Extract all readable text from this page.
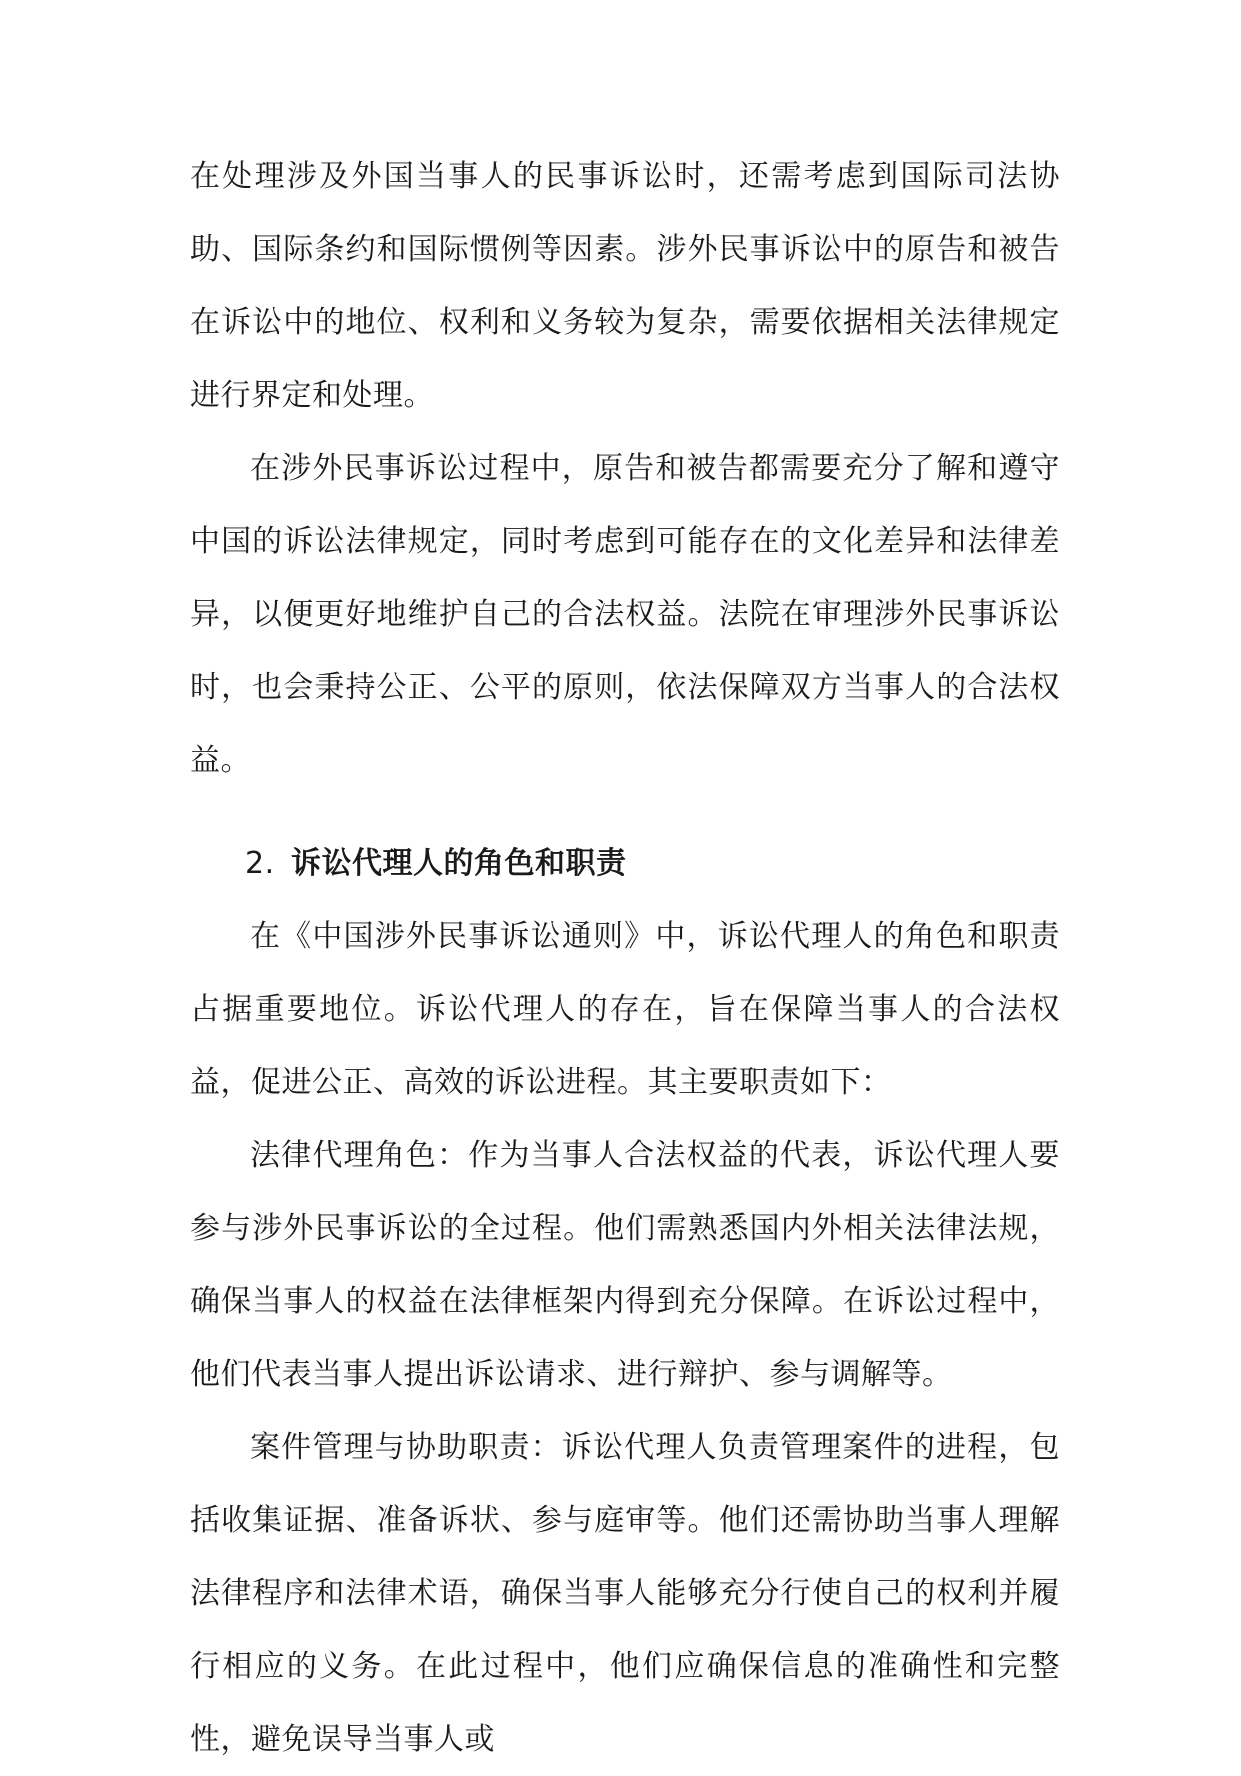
在处理涉及外国当事人的民事诉讼时，还需考虑到国际司法协助、国际条约和国际惯例等因素。涉外民事诉讼中的原告和被告在诉讼中的地位、权利和义务较为复杂，需要依据相关法律规定进行界定和处理。

在涉外民事诉讼过程中，原告和被告都需要充分了解和遵守中国的诉讼法律规定，同时考虑到可能存在的文化差异和法律差异，以便更好地维护自己的合法权益。法院在审理涉外民事诉讼时，也会秉持公正、公平的原则，依法保障双方当事人的合法权益。

2. 诉讼代理人的角色和职责

在《中国涉外民事诉讼通则》中，诉讼代理人的角色和职责占据重要地位。诉讼代理人的存在，旨在保障当事人的合法权益，促进公正、高效的诉讼进程。其主要职责如下：

法律代理角色：作为当事人合法权益的代表，诉讼代理人要参与涉外民事诉讼的全过程。他们需熟悉国内外相关法律法规，确保当事人的权益在法律框架内得到充分保障。在诉讼过程中，他们代表当事人提出诉讼请求、进行辩护、参与调解等。

案件管理与协助职责：诉讼代理人负责管理案件的进程，包括收集证据、准备诉状、参与庭审等。他们还需协助当事人理解法律程序和法律术语，确保当事人能够充分行使自己的权利并履行相应的义务。在此过程中，他们应确保信息的准确性和完整性，避免误导当事人或
